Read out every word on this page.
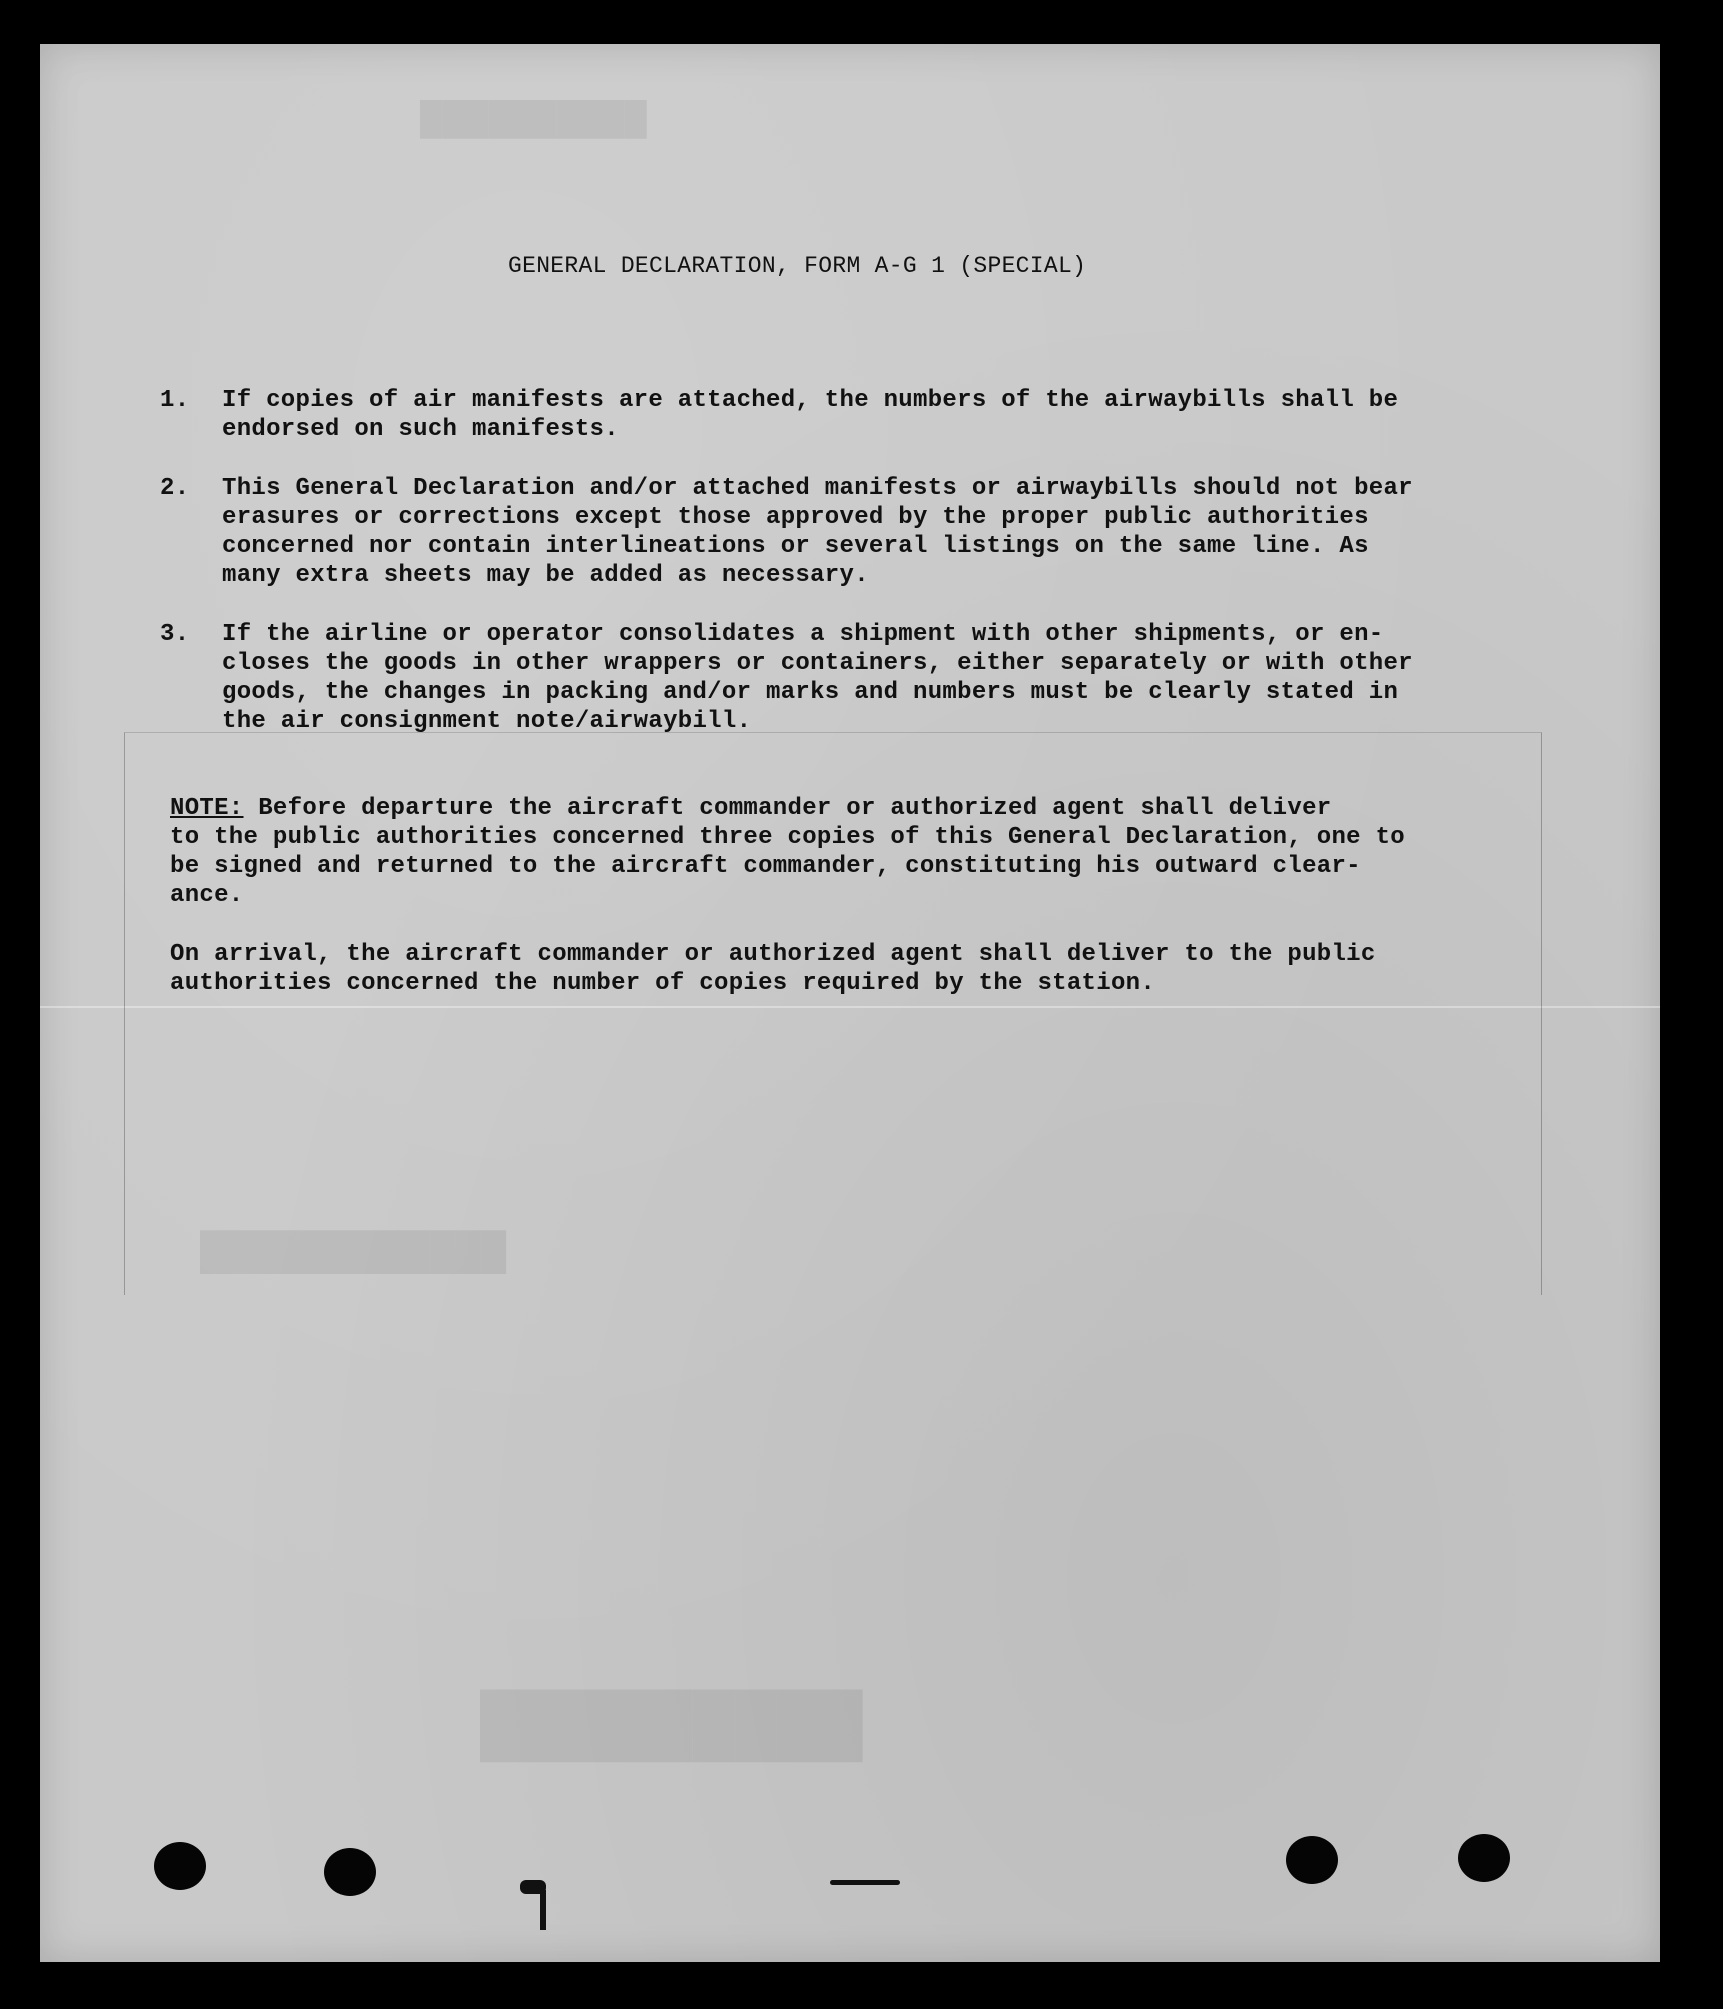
█████████
██████████
████████████
GENERAL DECLARATION, FORM A-G 1 (SPECIAL)
1.	If copies of air manifests are attached, the numbers of the airwaybills shall be
endorsed on such manifests.
2.	This General Declaration and/or attached manifests or airwaybills should not bear
erasures or corrections except those approved by the proper public authorities
concerned nor contain interlineations or several listings on the same line. As
many extra sheets may be added as necessary.
3.	If the airline or operator consolidates a shipment with other shipments, or en-
closes the goods in other wrappers or containers, either separately or with other
goods, the changes in packing and/or marks and numbers must be clearly stated in
the air consignment note/airwaybill.
NOTE: Before departure the aircraft commander or authorized agent shall deliver
to the public authorities concerned three copies of this General Declaration, one to
be signed and returned to the aircraft commander, constituting his outward clear-
ance.
On arrival, the aircraft commander or authorized agent shall deliver to the public
authorities concerned the number of copies required by the station.
